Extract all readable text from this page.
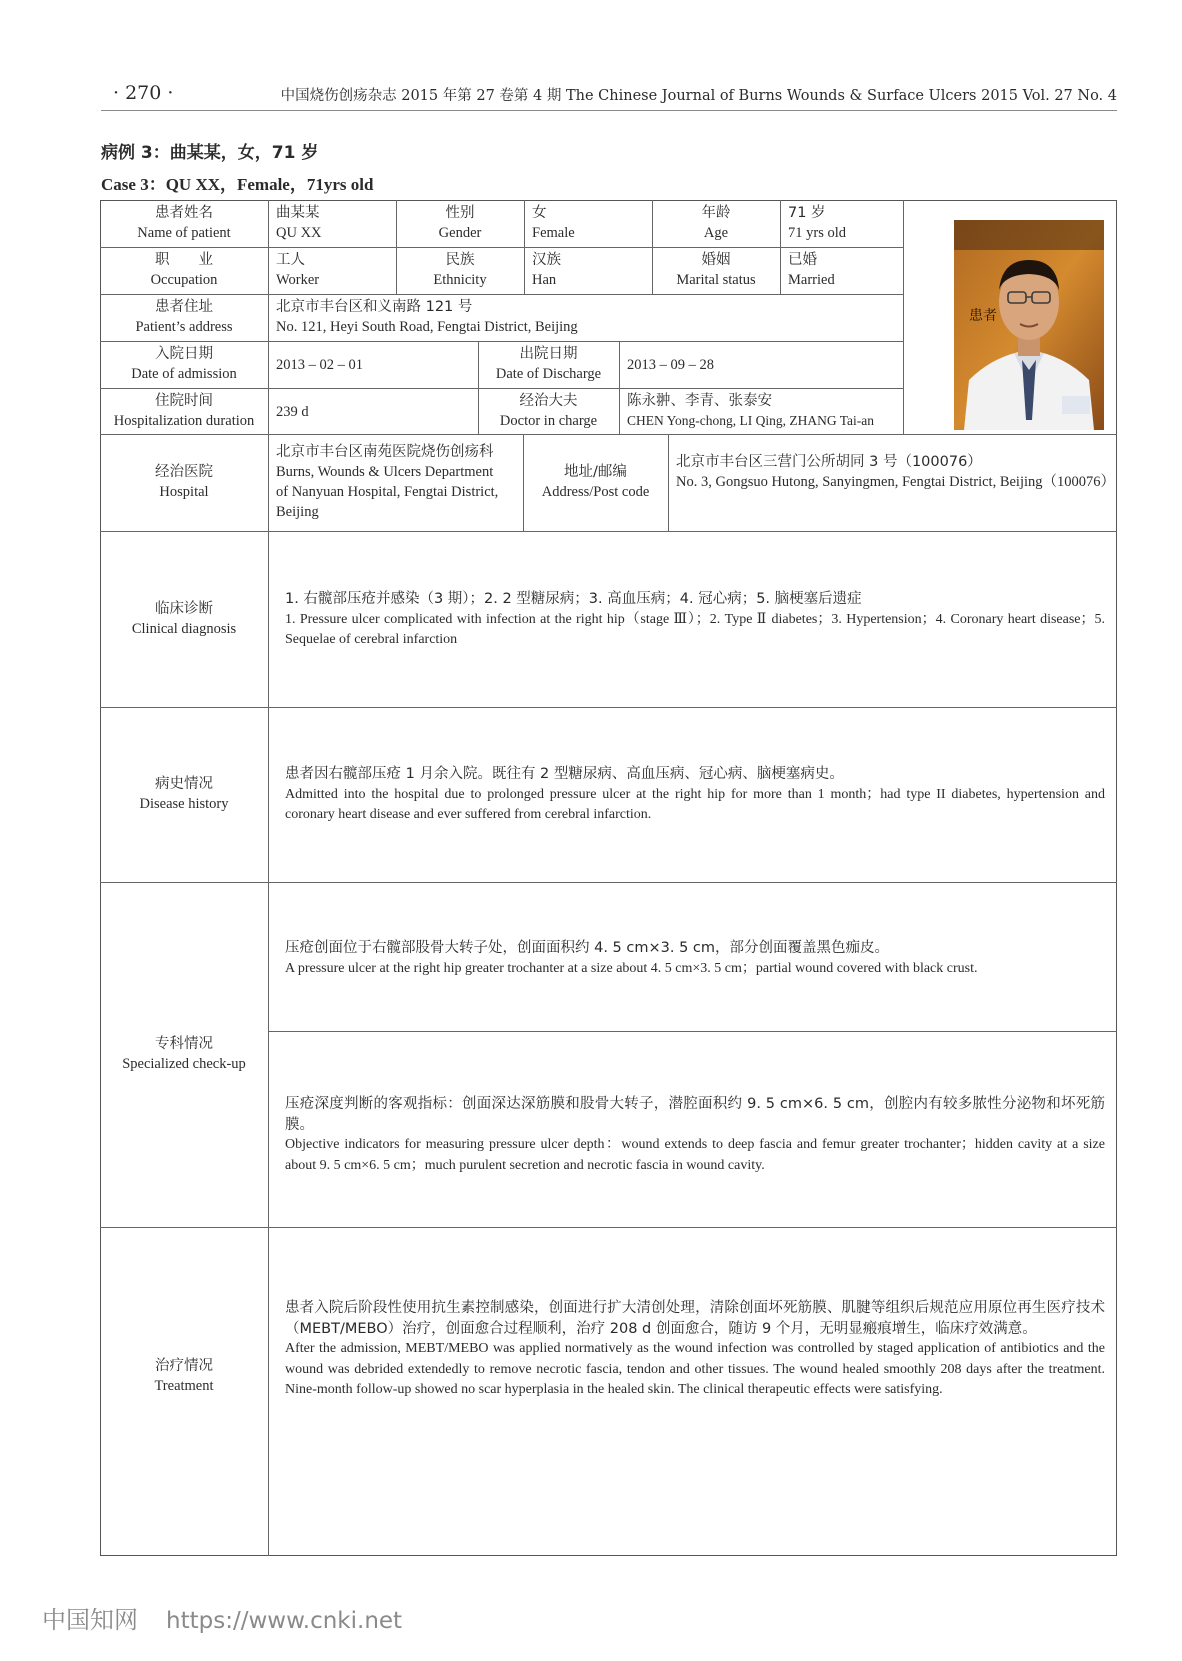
· 270 ·	中国烧伤创疡杂志 2015 年第 27 卷第 4 期 The Chinese Journal of Burns Wounds & Surface Ulcers 2015 Vol. 27 No. 4
病例 3：曲某某，女，71 岁
Case 3：QU XX，Female，71yrs old
患者姓名
Name of patient
曲某某
QU XX
性别
Gender
女
Female
年龄
Age
71 岁
71 yrs old
职　　业
Occupation
工人
Worker
民族
Ethnicity
汉族
Han
婚姻
Marital status
已婚
Married
患者住址
Patient’s address
北京市丰台区和义南路 121 号
No. 121, Heyi South Road, Fengtai District, Beijing
入院日期
Date of admission
2013 – 02 – 01
出院日期
Date of Discharge
2013 – 09 – 28
住院时间
Hospitalization duration
239 d
经治大夫
Doctor in charge
陈永翀、李青、张泰安
CHEN Yong-chong, LI Qing, ZHANG Tai-an
患者
经治医院
Hospital
北京市丰台区南苑医院烧伤创疡科
Burns, Wounds & Ulcers Department
of Nanyuan Hospital, Fengtai District,
Beijing
地址/邮编
Address/Post code
北京市丰台区三营门公所胡同 3 号（100076）
No. 3, Gongsuo Hutong, Sanyingmen, Fengtai District, Beijing（100076）
临床诊断
Clinical diagnosis
1. 右髋部压疮并感染（3 期）；2. 2 型糖尿病；3. 高血压病；4. 冠心病；5. 脑梗塞后遗症
1. Pressure ulcer complicated with infection at the right hip（stage Ⅲ）；2. Type Ⅱ diabetes；3. Hypertension；4. Coronary heart disease；5. Sequelae of cerebral infarction
病史情况
Disease history
患者因右髋部压疮 1 月余入院。既往有 2 型糖尿病、高血压病、冠心病、脑梗塞病史。
Admitted into the hospital due to prolonged pressure ulcer at the right hip for more than 1 month；had type II diabetes, hypertension and coronary heart disease and ever suffered from cerebral infarction.
专科情况
Specialized check-up
压疮创面位于右髋部股骨大转子处，创面面积约 4. 5 cm×3. 5 cm，部分创面覆盖黑色痂皮。
A pressure ulcer at the right hip greater trochanter at a size about 4. 5 cm×3. 5 cm；partial wound covered with black crust.
压疮深度判断的客观指标：创面深达深筋膜和股骨大转子，潜腔面积约 9. 5 cm×6. 5 cm，创腔内有较多脓性分泌物和坏死筋膜。
Objective indicators for measuring pressure ulcer depth：wound extends to deep fascia and femur greater trochanter；hidden cavity at a size about 9. 5 cm×6. 5 cm；much purulent secretion and necrotic fascia in wound cavity.
治疗情况
Treatment
患者入院后阶段性使用抗生素控制感染，创面进行扩大清创处理，清除创面坏死筋膜、肌腱等组织后规范应用原位再生医疗技术（MEBT/MEBO）治疗，创面愈合过程顺利，治疗 208 d 创面愈合，随访 9 个月，无明显瘢痕增生，临床疗效满意。
After the admission, MEBT/MEBO was applied normatively as the wound infection was controlled by staged application of antibiotics and the wound was debrided extendedly to remove necrotic fascia, tendon and other tissues. The wound healed smoothly 208 days after the treatment. Nine-month follow-up showed no scar hyperplasia in the healed skin. The clinical therapeutic effects were satisfying.
中国知网 https://www.cnki.net
